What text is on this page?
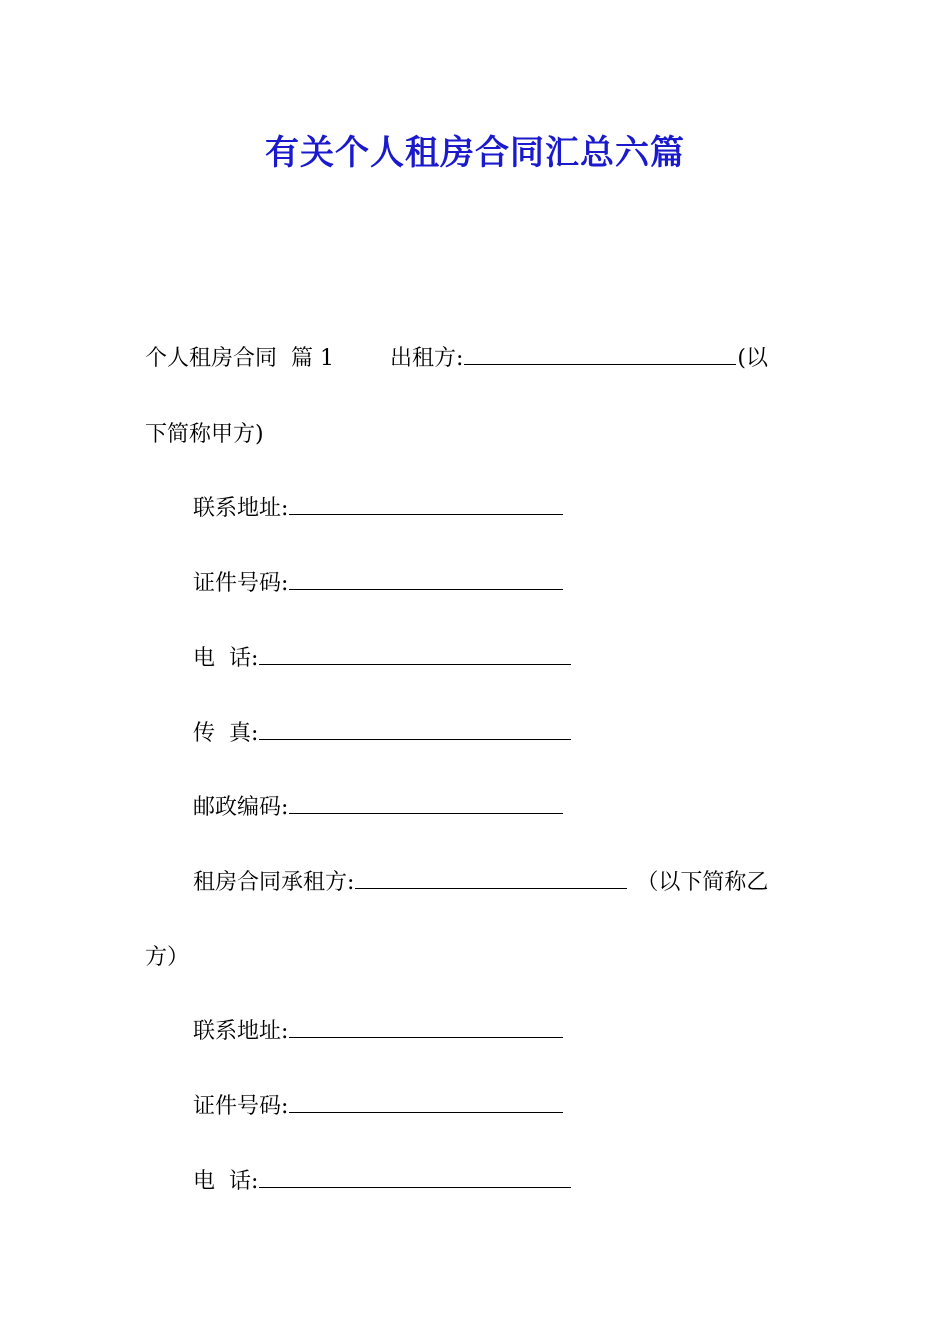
有关个人租房合同汇总六篇
个人租房合同  篇 1	出租方:	(以
下简称甲方)
联系地址:
证件号码:
电  话:
传  真:
邮政编码:
租房合同承租方:	（以下简称乙
方）
联系地址:
证件号码:
电  话:
